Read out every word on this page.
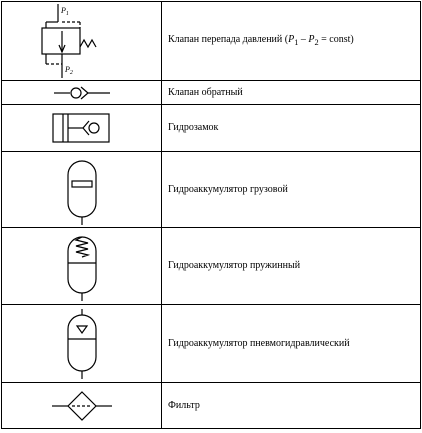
$P_1$
$P_2$	Клапан перепада давлений ($P_1 - P_2$ = const)

	Клапан обратный

	Гидрозамок

	Гидроаккумулятор грузовой

	Гидроаккумулятор пружинный

	Гидроаккумулятор пневмогидравлический

	Фильтр
